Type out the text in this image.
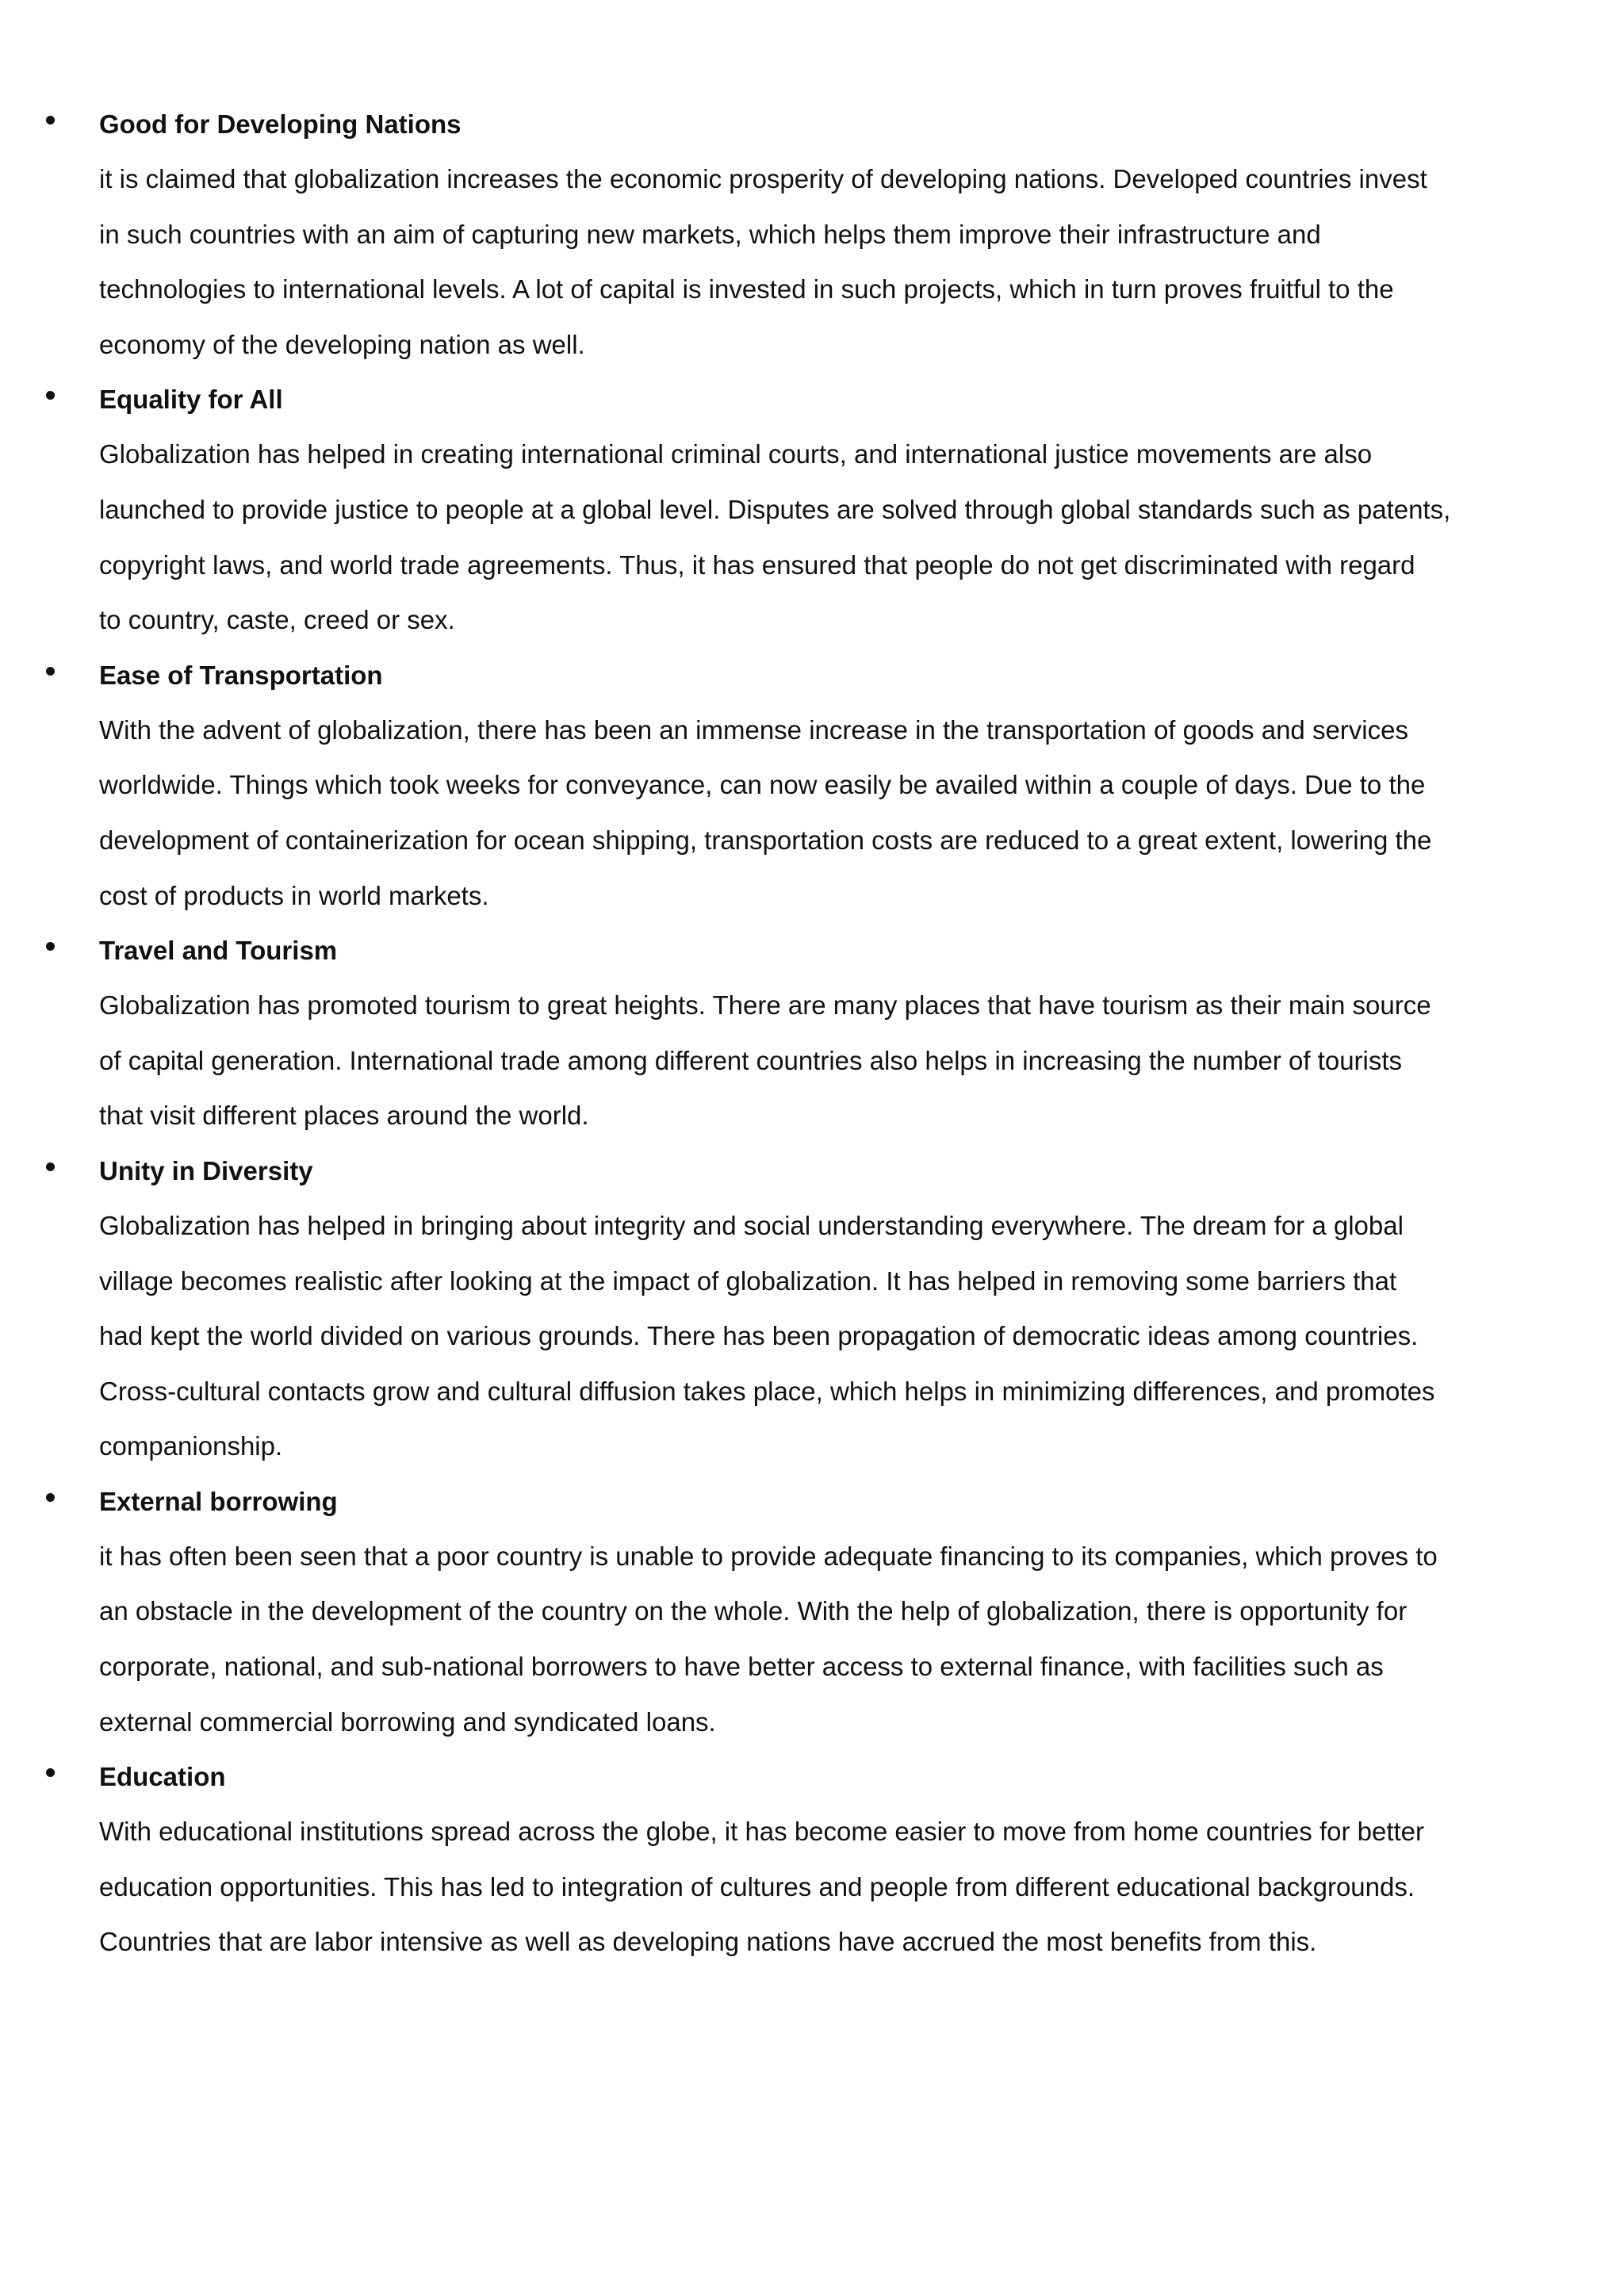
Good for Developing Nations

it is claimed that globalization increases the economic prosperity of developing nations. Developed countries invest
in such countries with an aim of capturing new markets, which helps them improve their infrastructure and
technologies to international levels. A lot of capital is invested in such projects, which in turn proves fruitful to the
economy of the developing nation as well.

Equality for All

Globalization has helped in creating international criminal courts, and international justice movements are also
launched to provide justice to people at a global level. Disputes are solved through global standards such as patents,
copyright laws, and world trade agreements. Thus, it has ensured that people do not get discriminated with regard
to country, caste, creed or sex.

Ease of Transportation

With the advent of globalization, there has been an immense increase in the transportation of goods and services
worldwide. Things which took weeks for conveyance, can now easily be availed within a couple of days. Due to the
development of containerization for ocean shipping, transportation costs are reduced to a great extent, lowering the
cost of products in world markets.

Travel and Tourism

Globalization has promoted tourism to great heights. There are many places that have tourism as their main source
of capital generation. International trade among different countries also helps in increasing the number of tourists
that visit different places around the world.

Unity in Diversity

Globalization has helped in bringing about integrity and social understanding everywhere. The dream for a global
village becomes realistic after looking at the impact of globalization. It has helped in removing some barriers that
had kept the world divided on various grounds. There has been propagation of democratic ideas among countries.
Cross-cultural contacts grow and cultural diffusion takes place, which helps in minimizing differences, and promotes
companionship.

External borrowing

it has often been seen that a poor country is unable to provide adequate financing to its companies, which proves to
an obstacle in the development of the country on the whole. With the help of globalization, there is opportunity for
corporate, national, and sub-national borrowers to have better access to external finance, with facilities such as
external commercial borrowing and syndicated loans.

Education

With educational institutions spread across the globe, it has become easier to move from home countries for better
education opportunities. This has led to integration of cultures and people from different educational backgrounds.
Countries that are labor intensive as well as developing nations have accrued the most benefits from this.
